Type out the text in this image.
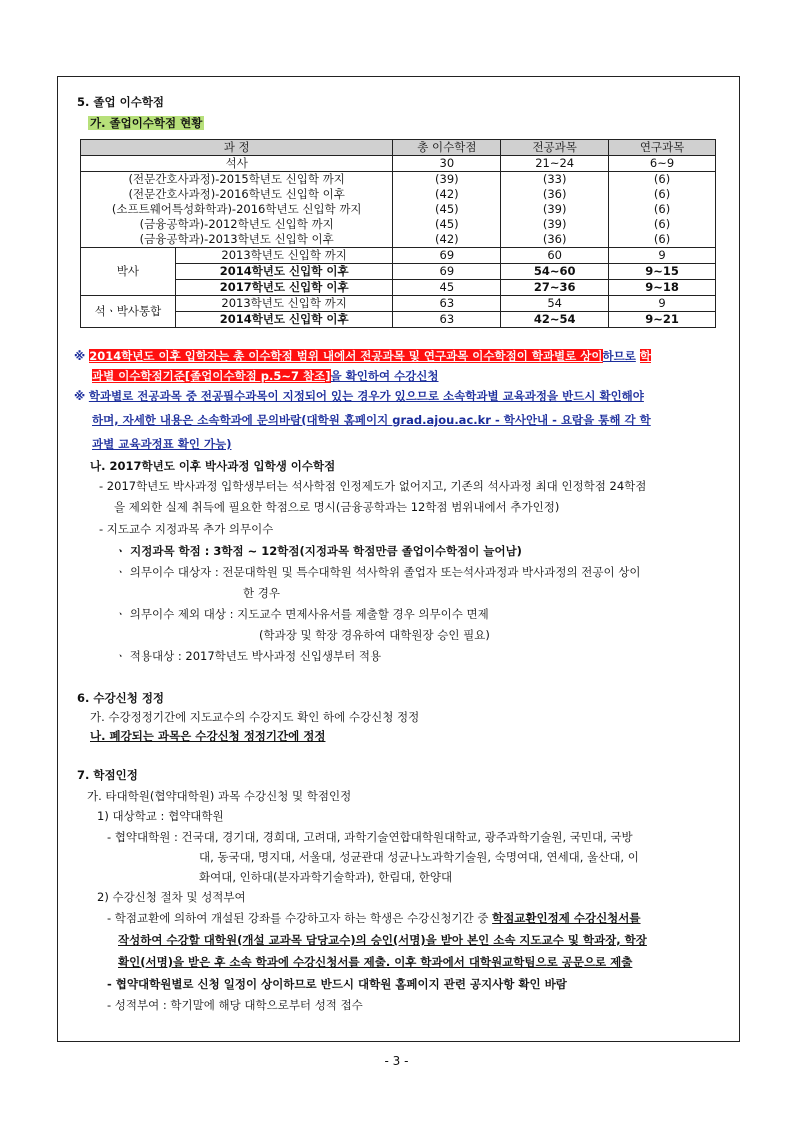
5. 졸업 이수학점
가. 졸업이수학점 현황
과 정		총 이수학점	전공과목	연구과목
석사		30	21~24	6~9
(전문간호사과정)-2015학년도 신입학 까지		(39)	(33)	(6)
(전문간호사과정)-2016학년도 신입학 이후		(42)	(36)	(6)
(소프트웨어특성화학과)-2016학년도 신입학 까지		(45)	(39)	(6)
(금융공학과)-2012학년도 신입학 까지		(45)	(39)	(6)
(금융공학과)-2013학년도 신입학 이후		(42)	(36)	(6)
박사	2013학년도 신입학 까지	69	60	9
	2014학년도 신입학 이후	69	54~60	9~15
	2017학년도 신입학 이후	45	27~36	9~18
석ㆍ박사통합	2013학년도 신입학 까지	63	54	9
	2014학년도 신입학 이후	63	42~54	9~21
※ 2014학년도 이후 입학자는 총 이수학점 범위 내에서 전공과목 및 연구과목 이수학점이 학과별로 상이하므로 학
과별 이수학점기준[졸업이수학점 p.5~7 참조]을 확인하여 수강신청
※ 학과별로 전공과목 중 전공필수과목이 지정되어 있는 경우가 있으므로 소속학과별 교육과정을 반드시 확인해야
하며, 자세한 내용은 소속학과에 문의바람(대학원 홈페이지 grad.ajou.ac.kr - 학사안내 - 요람을 통해 각 학
과별 교육과정표 확인 가능)
나. 2017학년도 이후 박사과정 입학생 이수학점
- 2017학년도 박사과정 입학생부터는 석사학점 인정제도가 없어지고, 기존의 석사과정 최대 인정학점 24학점
을 제외한 실제 취득에 필요한 학점으로 명시(금융공학과는 12학점 범위내에서 추가인정)
- 지도교수 지정과목 추가 의무이수
ㆍ 지정과목 학점 : 3학점 ~ 12학점(지정과목 학점만큼 졸업이수학점이 늘어남)
ㆍ 의무이수 대상자 : 전문대학원 및 특수대학원 석사학위 졸업자 또는석사과정과 박사과정의 전공이 상이
한 경우
ㆍ 의무이수 제외 대상 : 지도교수 면제사유서를 제출할 경우 의무이수 면제
(학과장 및 학장 경유하여 대학원장 승인 필요)
ㆍ 적용대상 : 2017학년도 박사과정 신입생부터 적용
6. 수강신청 정정
가. 수강정정기간에 지도교수의 수강지도 확인 하에 수강신청 정정
나. 폐강되는 과목은 수강신청 정정기간에 정정
7. 학점인정
가. 타대학원(협약대학원) 과목 수강신청 및 학점인정
1) 대상학교 : 협약대학원
- 협약대학원 : 건국대, 경기대, 경희대, 고려대, 과학기술연합대학원대학교, 광주과학기술원, 국민대, 국방
대, 동국대, 명지대, 서울대, 성균관대 성균나노과학기술원, 숙명여대, 연세대, 울산대, 이
화여대, 인하대(분자과학기술학과), 한림대, 한양대
2) 수강신청 절차 및 성적부여
- 학점교환에 의하여 개설된 강좌를 수강하고자 하는 학생은 수강신청기간 중 학점교환인정제 수강신청서를
작성하여 수강할 대학원(개설 교과목 담당교수)의 승인(서명)을 받아 본인 소속 지도교수 및 학과장, 학장
확인(서명)을 받은 후 소속 학과에 수강신청서를 제출. 이후 학과에서 대학원교학팀으로 공문으로 제출
- 협약대학원별로 신청 일정이 상이하므로 반드시 대학원 홈페이지 관련 공지사항 확인 바람
- 성적부여 : 학기말에 해당 대학으로부터 성적 접수
- 3 -
